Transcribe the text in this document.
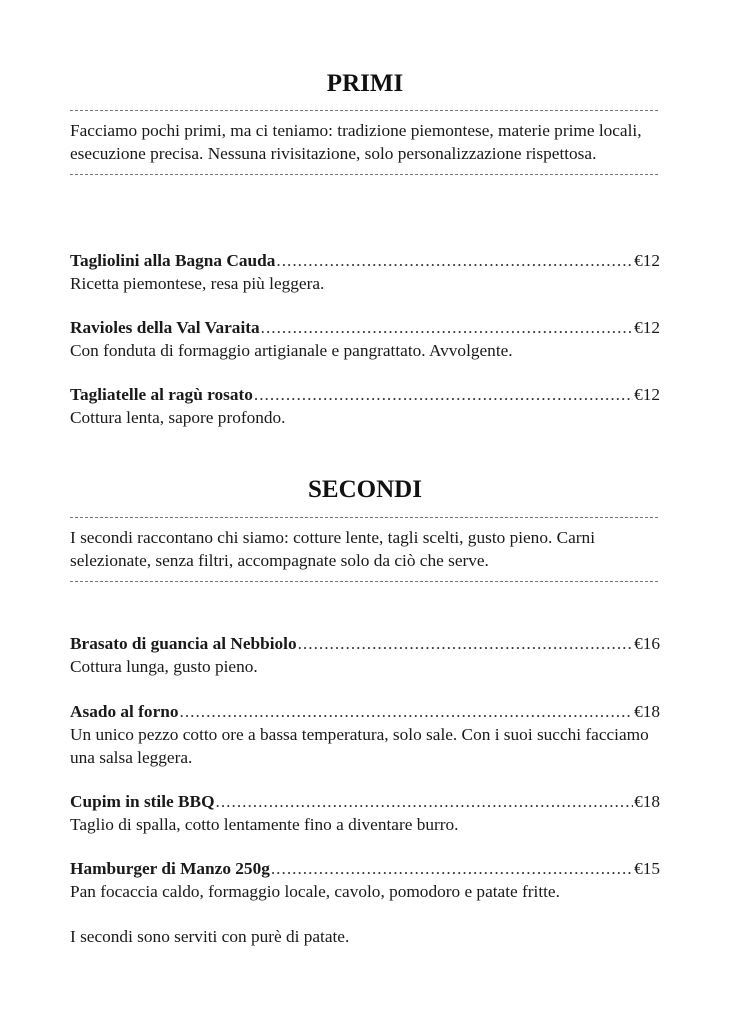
PRIMI
Facciamo pochi primi, ma ci teniamo: tradizione piemontese, materie prime locali, esecuzione precisa. Nessuna rivisitazione, solo personalizzazione rispettosa.
Tagliolini alla Bagna Cauda .....	€12
Ricetta piemontese, resa più leggera.
Ravioles della Val Varaita .....	€12
Con fonduta di formaggio artigianale e pangrattato. Avvolgente.
Tagliatelle al ragù rosato .....	€12
Cottura lenta, sapore profondo.
SECONDI
I secondi raccontano chi siamo: cotture lente, tagli scelti, gusto pieno. Carni selezionate, senza filtri, accompagnate solo da ciò che serve.
Brasato di guancia al Nebbiolo .....	€16
Cottura lunga, gusto pieno.
Asado al forno .....	€18
Un unico pezzo cotto ore a bassa temperatura, solo sale. Con i suoi succhi facciamo una salsa leggera.
Cupim in stile BBQ .....	€18
Taglio di spalla, cotto lentamente fino a diventare burro.
Hamburger di Manzo 250g .....	€15
Pan focaccia caldo, formaggio locale, cavolo, pomodoro e patate fritte.
I secondi sono serviti con purè di patate.
